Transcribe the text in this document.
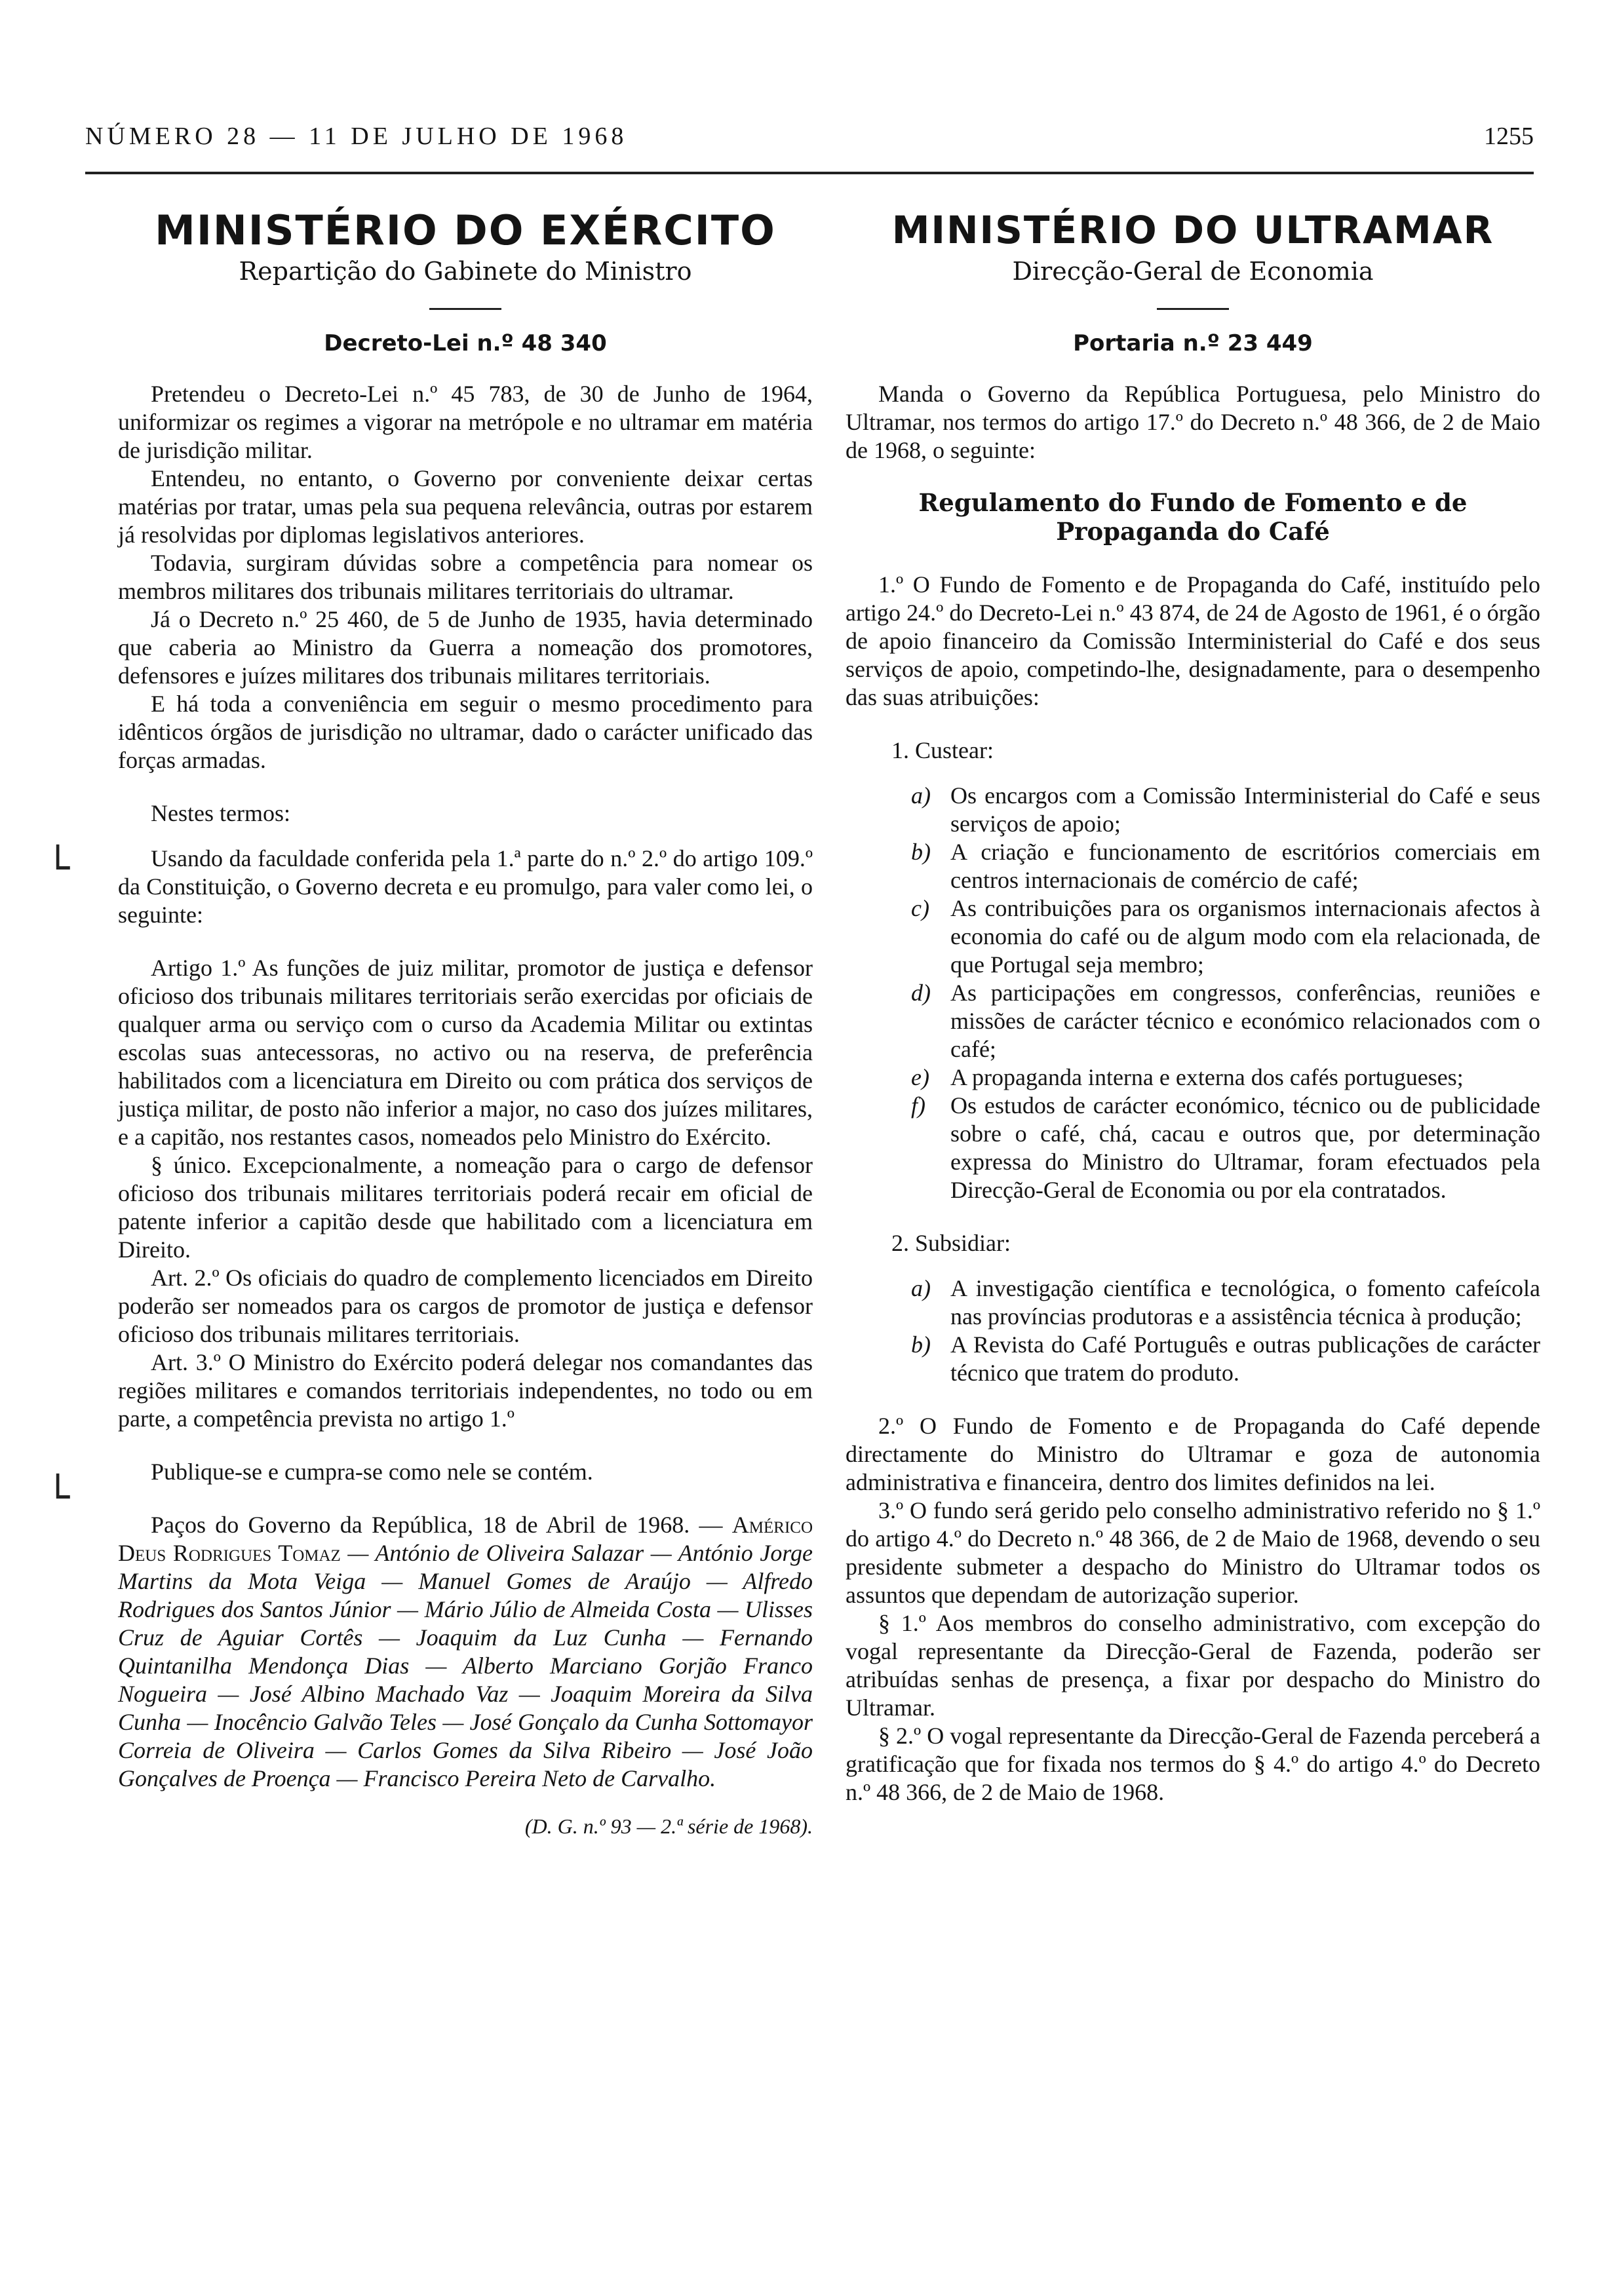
NÚMERO 28 — 11 DE JULHO DE 1968	1255
MINISTÉRIO DO EXÉRCITO
Repartição do Gabinete do Ministro
Decreto-Lei n.º 48 340

Pretendeu o Decreto-Lei n.º 45 783, de 30 de Junho de 1964, uniformizar os regimes a vigorar na metrópole e no ultramar em matéria de jurisdição militar.

Entendeu, no entanto, o Governo por conveniente deixar certas matérias por tratar, umas pela sua pequena relevância, outras por estarem já resolvidas por diplomas legislativos anteriores.

Todavia, surgiram dúvidas sobre a competência para nomear os membros militares dos tribunais militares territoriais do ultramar.

Já o Decreto n.º 25 460, de 5 de Junho de 1935, havia determinado que caberia ao Ministro da Guerra a nomeação dos promotores, defensores e juízes militares dos tribunais militares territoriais.

E há toda a conveniência em seguir o mesmo procedimento para idênticos órgãos de jurisdição no ultramar, dado o carácter unificado das forças armadas.

Nestes termos:

Usando da faculdade conferida pela 1.ª parte do n.º 2.º do artigo 109.º da Constituição, o Governo decreta e eu promulgo, para valer como lei, o seguinte:

Artigo 1.º As funções de juiz militar, promotor de justiça e defensor oficioso dos tribunais militares territoriais serão exercidas por oficiais de qualquer arma ou serviço com o curso da Academia Militar ou extintas escolas suas antecessoras, no activo ou na reserva, de preferência habilitados com a licenciatura em Direito ou com prática dos serviços de justiça militar, de posto não inferior a major, no caso dos juízes militares, e a capitão, nos restantes casos, nomeados pelo Ministro do Exército.

§ único. Excepcionalmente, a nomeação para o cargo de defensor oficioso dos tribunais militares territoriais poderá recair em oficial de patente inferior a capitão desde que habilitado com a licenciatura em Direito.

Art. 2.º Os oficiais do quadro de complemento licenciados em Direito poderão ser nomeados para os cargos de promotor de justiça e defensor oficioso dos tribunais militares territoriais.

Art. 3.º O Ministro do Exército poderá delegar nos comandantes das regiões militares e comandos territoriais independentes, no todo ou em parte, a competência prevista no artigo 1.º

Publique-se e cumpra-se como nele se contém.

Paços do Governo da República, 18 de Abril de 1968. — Américo Deus Rodrigues Tomaz — António de Oliveira Salazar — António Jorge Martins da Mota Veiga — Manuel Gomes de Araújo — Alfredo Rodrigues dos Santos Júnior — Mário Júlio de Almeida Costa — Ulisses Cruz de Aguiar Cortês — Joaquim da Luz Cunha — Fernando Quintanilha Mendonça Dias — Alberto Marciano Gorjão Franco Nogueira — José Albino Machado Vaz — Joaquim Moreira da Silva Cunha — Inocêncio Galvão Teles — José Gonçalo da Cunha Sottomayor Correia de Oliveira — Carlos Gomes da Silva Ribeiro — José João Gonçalves de Proença — Francisco Pereira Neto de Carvalho.

(D. G. n.º 93 — 2.ª série de 1968).
MINISTÉRIO DO ULTRAMAR
Direcção-Geral de Economia
Portaria n.º 23 449

Manda o Governo da República Portuguesa, pelo Ministro do Ultramar, nos termos do artigo 17.º do Decreto n.º 48 366, de 2 de Maio de 1968, o seguinte:

Regulamento do Fundo de Fomento e de Propaganda do Café

1.º O Fundo de Fomento e de Propaganda do Café, instituído pelo artigo 24.º do Decreto-Lei n.º 43 874, de 24 de Agosto de 1961, é o órgão de apoio financeiro da Comissão Interministerial do Café e dos seus serviços de apoio, competindo-lhe, designadamente, para o desempenho das suas atribuições:

1. Custear:

a) Os encargos com a Comissão Interministerial do Café e seus serviços de apoio;
b) A criação e funcionamento de escritórios comerciais em centros internacionais de comércio de café;
c) As contribuições para os organismos internacionais afectos à economia do café ou de algum modo com ela relacionada, de que Portugal seja membro;
d) As participações em congressos, conferências, reuniões e missões de carácter técnico e económico relacionados com o café;
e) A propaganda interna e externa dos cafés portugueses;
f)	Os estudos de carácter económico, técnico ou de publicidade sobre o café, chá, cacau e outros que, por determinação expressa do Ministro do Ultramar, foram efectuados pela Direcção-Geral de Economia ou por ela contratados.

2. Subsidiar:

a) A investigação científica e tecnológica, o fomento cafeícola nas províncias produtoras e a assistência técnica à produção;
b) A Revista do Café Português e outras publicações de carácter técnico que tratem do produto.

2.º O Fundo de Fomento e de Propaganda do Café depende directamente do Ministro do Ultramar e goza de autonomia administrativa e financeira, dentro dos limites definidos na lei.

3.º O fundo será gerido pelo conselho administrativo referido no § 1.º do artigo 4.º do Decreto n.º 48 366, de 2 de Maio de 1968, devendo o seu presidente submeter a despacho do Ministro do Ultramar todos os assuntos que dependam de autorização superior.

§ 1.º Aos membros do conselho administrativo, com excepção do vogal representante da Direcção-Geral de Fazenda, poderão ser atribuídas senhas de presença, a fixar por despacho do Ministro do Ultramar.

§ 2.º O vogal representante da Direcção-Geral de Fazenda perceberá a gratificação que for fixada nos termos do § 4.º do artigo 4.º do Decreto n.º 48 366, de 2 de Maio de 1968.

└
└
